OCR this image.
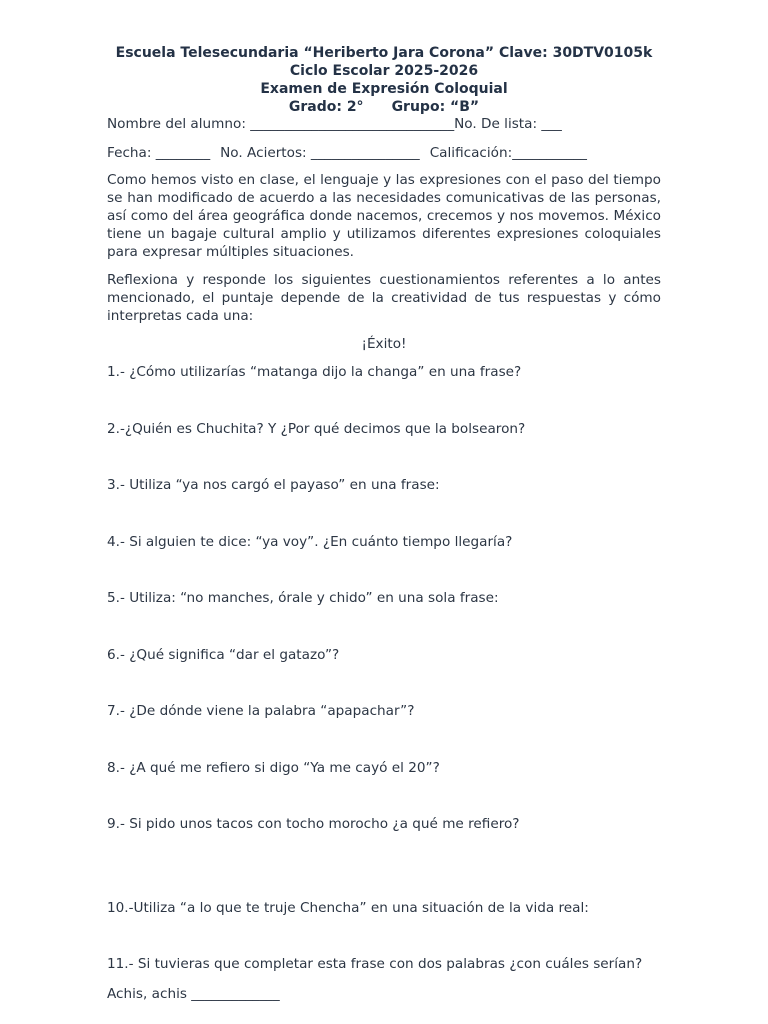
Escuela Telesecundaria “Heriberto Jara Corona” Clave: 30DTV0105k
Ciclo Escolar 2025-2026
Examen de Expresión Coloquial
Grado: 2° Grupo: “B”
Nombre del alumno: ______________________________No. De lista: ___
Fecha: ________ No. Aciertos: ________________ Calificación:___________
Como hemos visto en clase, el lenguaje y las expresiones con el paso del tiempo se han modificado de acuerdo a las necesidades comunicativas de las personas, así como del área geográfica donde nacemos, crecemos y nos movemos. México tiene un bagaje cultural amplio y utilizamos diferentes expresiones coloquiales para expresar múltiples situaciones.
Reflexiona y responde los siguientes cuestionamientos referentes a lo antes mencionado, el puntaje depende de la creatividad de tus respuestas y cómo interpretas cada una:
¡Éxito!
1.- ¿Cómo utilizarías “matanga dijo la changa” en una frase?
2.-¿Quién es Chuchita? Y ¿Por qué decimos que la bolsearon?
3.- Utiliza “ya nos cargó el payaso” en una frase:
4.- Si alguien te dice: “ya voy”. ¿En cuánto tiempo llegaría?
5.- Utiliza: “no manches, órale y chido” en una sola frase:
6.- ¿Qué significa “dar el gatazo”?
7.- ¿De dónde viene la palabra “apapachar”?
8.- ¿A qué me refiero si digo “Ya me cayó el 20”?
9.- Si pido unos tacos con tocho morocho ¿a qué me refiero?
10.-Utiliza “a lo que te truje Chencha” en una situación de la vida real:
11.- Si tuvieras que completar esta frase con dos palabras ¿con cuáles serían?
Achis, achis _____________
